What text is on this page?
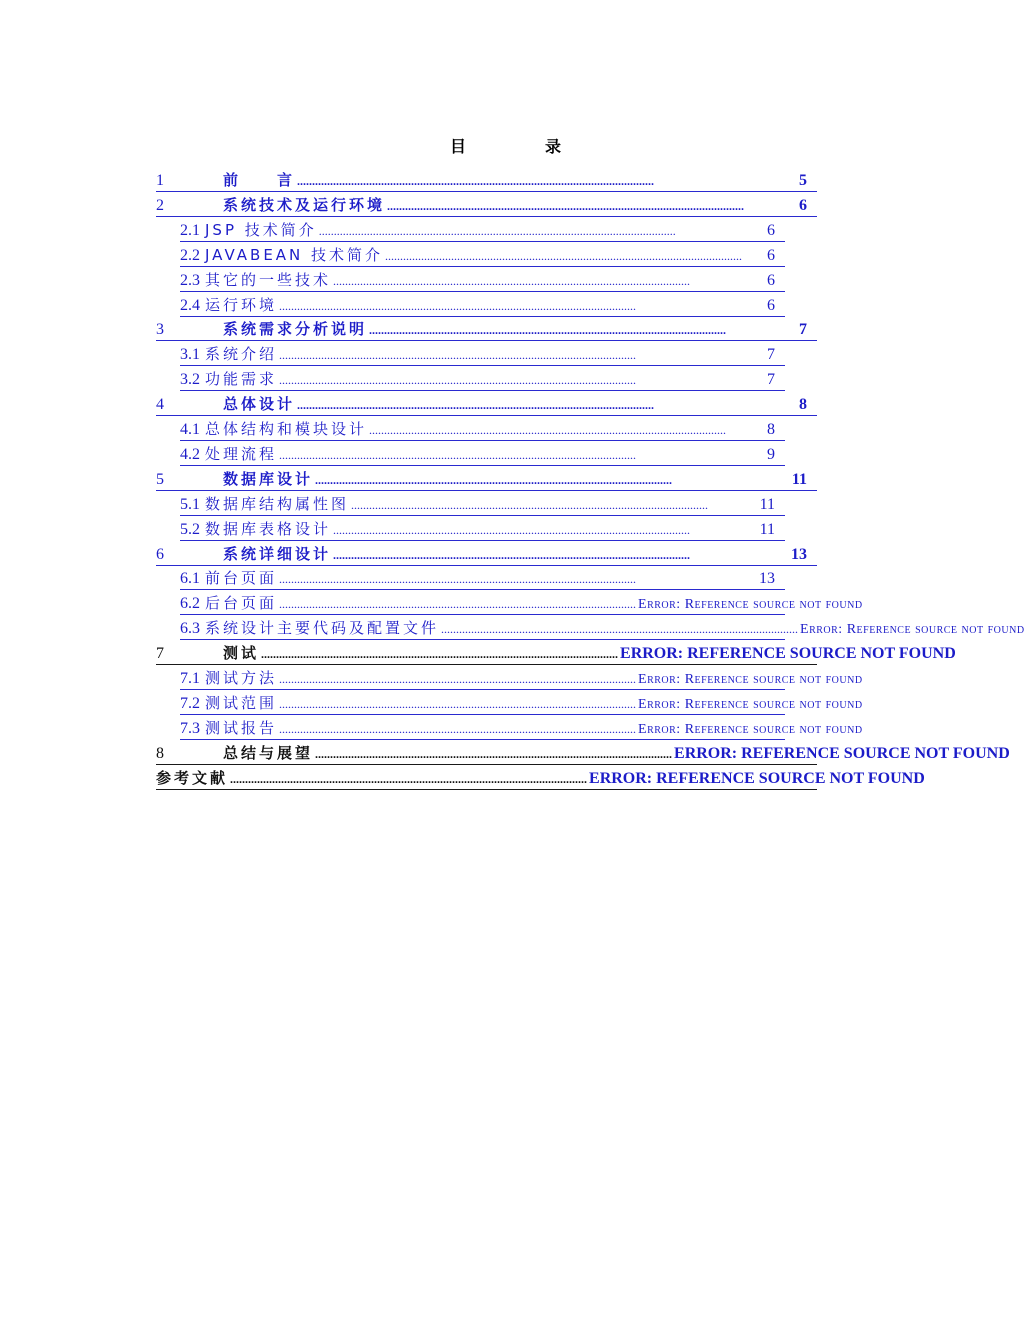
目	录
1	前　　言 .......................................................................................................................	5
2	系统技术及运行环境 .......................................................................................................................	6
2.1 JSP 技术简介 .......................................................................................................................	6
2.2 JAVABEAN 技术简介 .......................................................................................................................	6
2.3 其它的一些技术 .......................................................................................................................	6
2.4 运行环境 .......................................................................................................................	6
3	系统需求分析说明 .......................................................................................................................	7
3.1 系统介绍 .......................................................................................................................	7
3.2 功能需求 .......................................................................................................................	7
4	总体设计 .......................................................................................................................	8
4.1 总体结构和模块设计 .......................................................................................................................	8
4.2 处理流程 .......................................................................................................................	9
5	数据库设计 .......................................................................................................................	11
5.1 数据库结构属性图 .......................................................................................................................	11
5.2 数据库表格设计 .......................................................................................................................	11
6	系统详细设计 .......................................................................................................................	13
6.1 前台页面 .......................................................................................................................	13
6.2 后台页面 ....................................................................................................................... Error: Reference source not found
6.3 系统设计主要代码及配置文件 ....................................................................................................................... Error: Reference source not found
7	测试 ....................................................................................................................... ERROR: REFERENCE SOURCE NOT FOUND
7.1 测试方法 ....................................................................................................................... Error: Reference source not found
7.2 测试范围 ....................................................................................................................... Error: Reference source not found
7.3 测试报告 ....................................................................................................................... Error: Reference source not found
8	总结与展望 ....................................................................................................................... ERROR: REFERENCE SOURCE NOT FOUND
参考文献 ....................................................................................................................... ERROR: REFERENCE SOURCE NOT FOUND
